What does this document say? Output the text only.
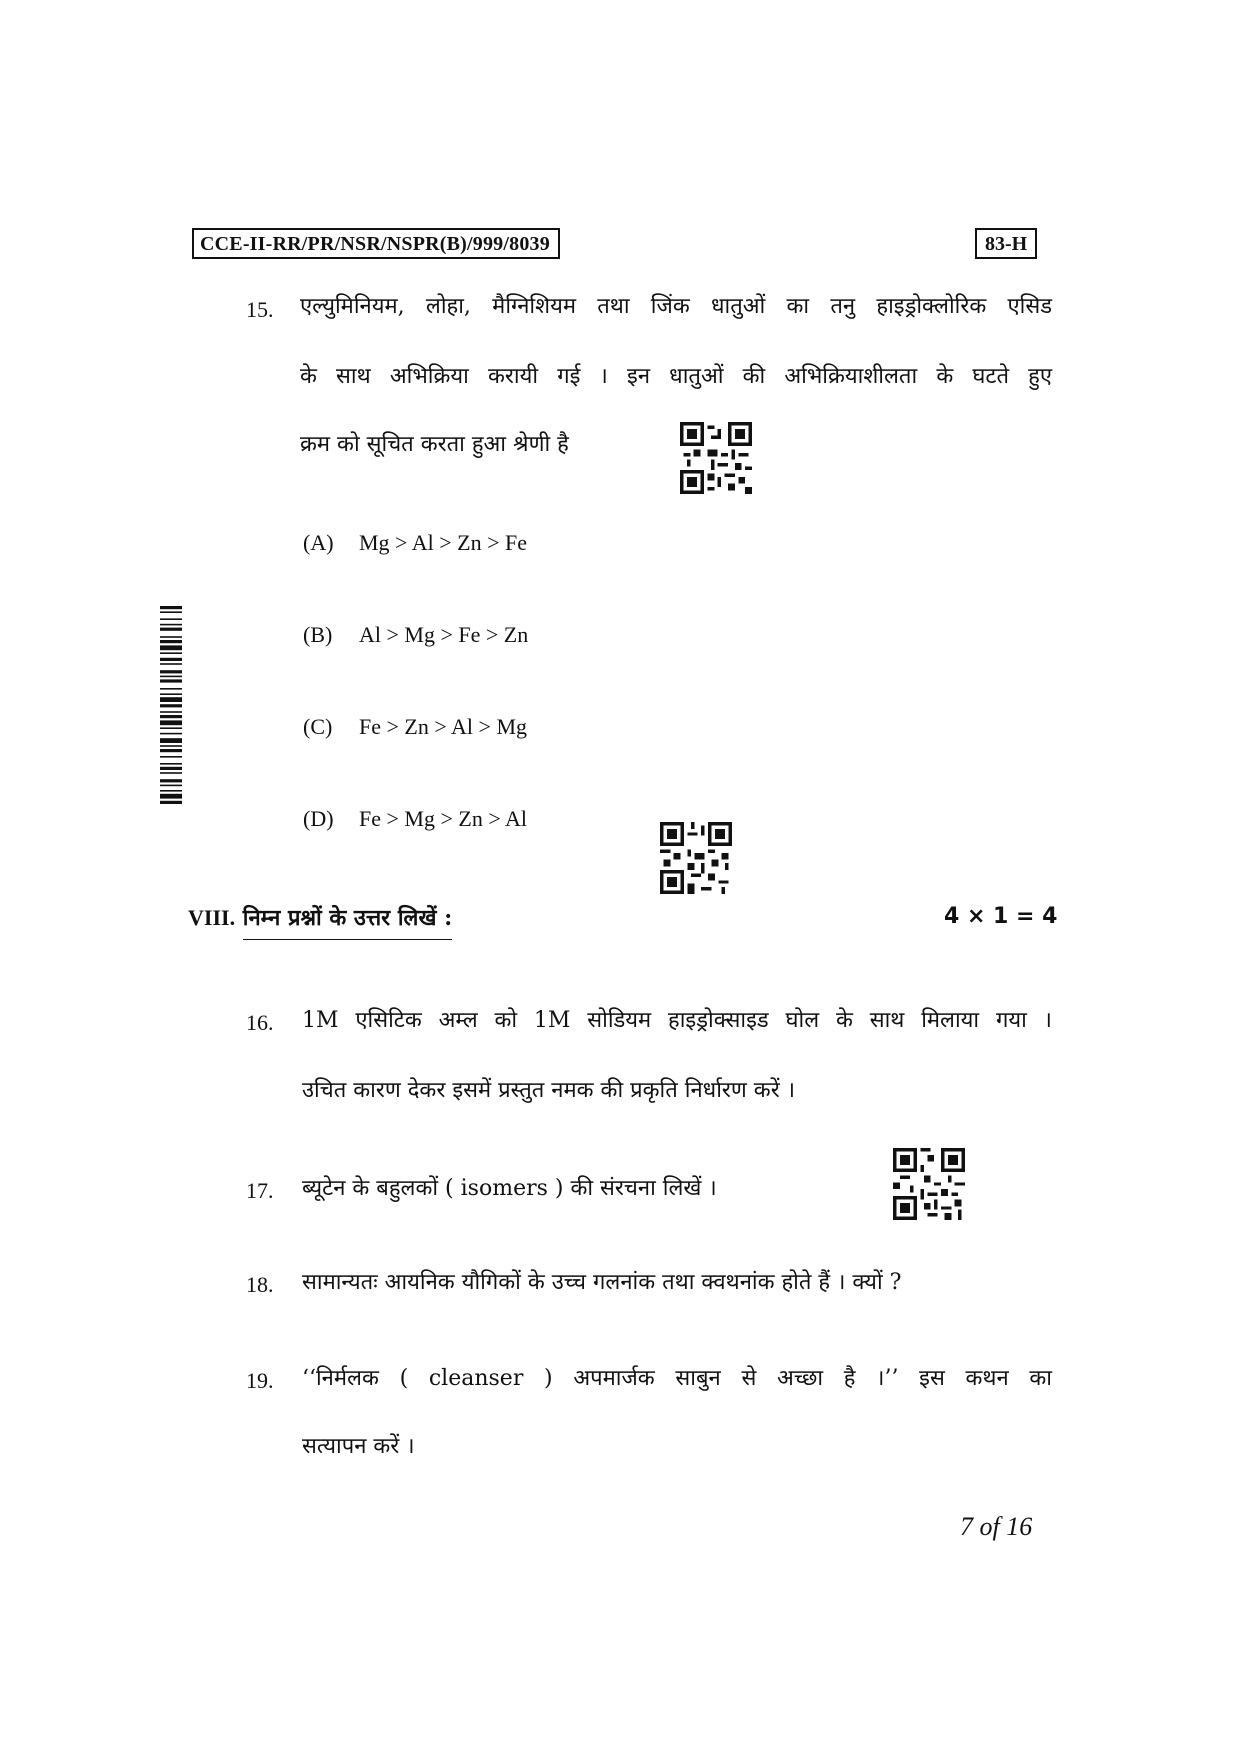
CCE-II-RR/PR/NSR/NSPR(B)/999/8039	83-H
15. एल्युमिनियम, लोहा, मैग्निशियम तथा जिंक धातुओं का तनु हाइड्रोक्लोरिक एसिड
के साथ अभिक्रिया करायी गई । इन धातुओं की अभिक्रियाशीलता के घटते हुए
क्रम को सूचित करता हुआ श्रेणी है
(A) Mg > Al > Zn > Fe
(B) Al > Mg > Fe > Zn
(C) Fe > Zn > Al > Mg
(D) Fe > Mg > Zn > Al
VIII. निम्न प्रश्नों के उत्तर लिखें :	4 × 1 = 4
16. 1M एसिटिक अम्ल को 1M सोडियम हाइड्रोक्साइड घोल के साथ मिलाया गया ।
उचित कारण देकर इसमें प्रस्तुत नमक की प्रकृति निर्धारण करें ।
17. ब्यूटेन के बहुलकों ( isomers ) की संरचना लिखें ।
18. सामान्यतः आयनिक यौगिकों के उच्च गलनांक तथा क्वथनांक होते हैं । क्यों ?
19. ‘‘निर्मलक ( cleanser ) अपमार्जक साबुन से अच्छा है ।’’ इस कथन का
सत्यापन करें ।
7 of 16
